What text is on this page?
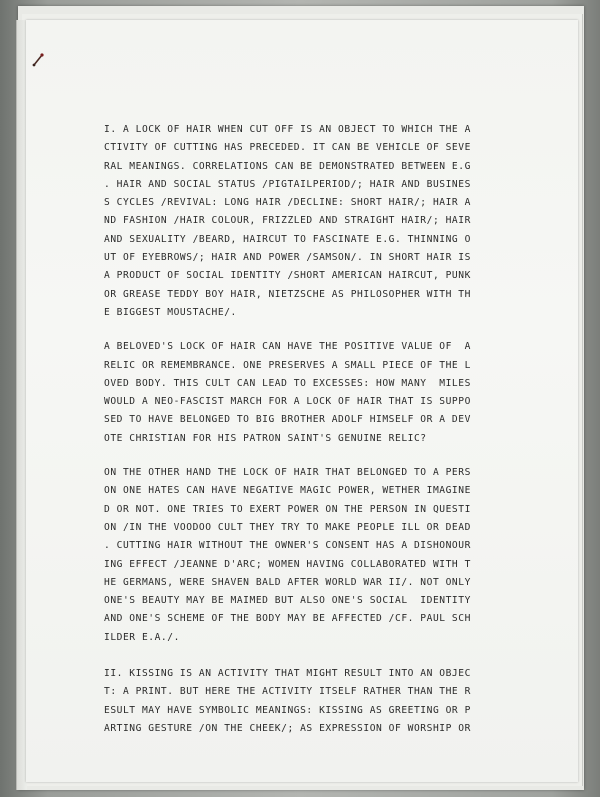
I. A LOCK OF HAIR WHEN CUT OFF IS AN OBJECT TO WHICH THE A
CTIVITY OF CUTTING HAS PRECEDED. IT CAN BE VEHICLE OF SEVE
RAL MEANINGS. CORRELATIONS CAN BE DEMONSTRATED BETWEEN E.G
. HAIR AND SOCIAL STATUS /PIGTAILPERIOD/; HAIR AND BUSINES
S CYCLES /REVIVAL: LONG HAIR /DECLINE: SHORT HAIR/; HAIR A
ND FASHION /HAIR COLOUR, FRIZZLED AND STRAIGHT HAIR/; HAIR
AND SEXUALITY /BEARD, HAIRCUT TO FASCINATE E.G. THINNING O
UT OF EYEBROWS/; HAIR AND POWER /SAMSON/. IN SHORT HAIR IS
A PRODUCT OF SOCIAL IDENTITY /SHORT AMERICAN HAIRCUT, PUNK
OR GREASE TEDDY BOY HAIR, NIETZSCHE AS PHILOSOPHER WITH TH
E BIGGEST MOUSTACHE/.
A BELOVED'S LOCK OF HAIR CAN HAVE THE POSITIVE VALUE OF  A
RELIC OR REMEMBRANCE. ONE PRESERVES A SMALL PIECE OF THE L
OVED BODY. THIS CULT CAN LEAD TO EXCESSES: HOW MANY  MILES
WOULD A NEO-FASCIST MARCH FOR A LOCK OF HAIR THAT IS SUPPO
SED TO HAVE BELONGED TO BIG BROTHER ADOLF HIMSELF OR A DEV
OTE CHRISTIAN FOR HIS PATRON SAINT'S GENUINE RELIC?
ON THE OTHER HAND THE LOCK OF HAIR THAT BELONGED TO A PERS
ON ONE HATES CAN HAVE NEGATIVE MAGIC POWER, WETHER IMAGINE
D OR NOT. ONE TRIES TO EXERT POWER ON THE PERSON IN QUESTI
ON /IN THE VOODOO CULT THEY TRY TO MAKE PEOPLE ILL OR DEAD
. CUTTING HAIR WITHOUT THE OWNER'S CONSENT HAS A DISHONOUR
ING EFFECT /JEANNE D'ARC; WOMEN HAVING COLLABORATED WITH T
HE GERMANS, WERE SHAVEN BALD AFTER WORLD WAR II/. NOT ONLY
ONE'S BEAUTY MAY BE MAIMED BUT ALSO ONE'S SOCIAL  IDENTITY
AND ONE'S SCHEME OF THE BODY MAY BE AFFECTED /CF. PAUL SCH
ILDER E.A./.
II. KISSING IS AN ACTIVITY THAT MIGHT RESULT INTO AN OBJEC
T: A PRINT. BUT HERE THE ACTIVITY ITSELF RATHER THAN THE R
ESULT MAY HAVE SYMBOLIC MEANINGS: KISSING AS GREETING OR P
ARTING GESTURE /ON THE CHEEK/; AS EXPRESSION OF WORSHIP OR
